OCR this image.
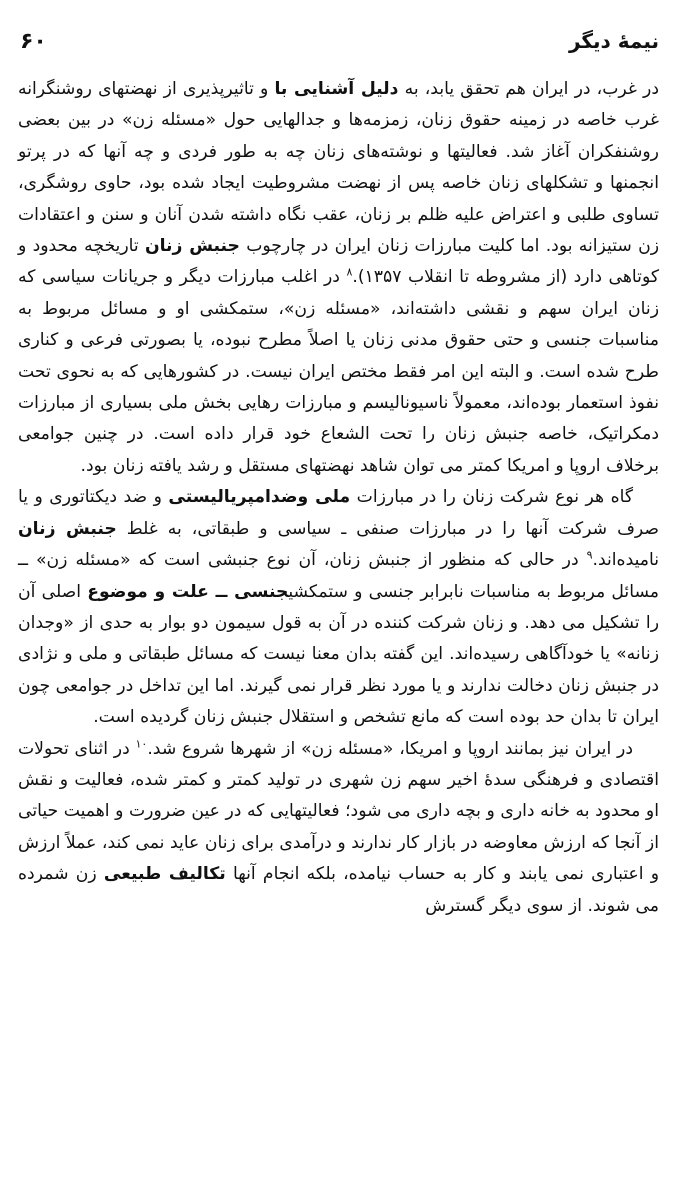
نیمهٔ دیگر
۶۰

در غرب، در ایران هم تحقق یابد، به دلیل آشنایی با و تاثیرپذیری از نهضتهای روشنگرانه غرب خاصه در زمینه حقوق زنان، زمزمه‌ها و جدالهایی حول «مسئله زن» در بین بعضی روشنفکران آغاز شد. فعالیتها و نوشته‌های زنان چه به طور فردی و چه آنها که در پرتو انجمنها و تشکلهای زنان خاصه پس از نهضت مشروطیت ایجاد شده بود، حاوی روشگری، تساوی طلبی و اعتراض علیه ظلم بر زنان، عقب نگاه داشته شدن آنان و سنن و اعتقادات زن ستیزانه بود. اما کلیت مبارزات زنان ایران در چارچوب جنبش زنان تاریخچه محدود و کوتاهی دارد (از مشروطه تا انقلاب ۱۳۵۷).$^۸$ در اغلب مبارزات دیگر و جریانات سیاسی که زنان ایران سهم و نقشی داشته‌اند، «مسئله زن»، ستمکشی او و مسائل مربوط به مناسبات جنسی و حتی حقوق مدنی زنان یا اصلاً مطرح نبوده، یا بصورتی فرعی و کناری طرح شده است. و البته این امر فقط مختص ایران نیست. در کشورهایی که به نحوی تحت نفوذ استعمار بوده‌اند، معمولاً ناسیونالیسم و مبارزات رهایی بخش ملی بسیاری از مبارزات دمکراتیک، خاصه جنبش زنان را تحت الشعاع خود قرار داده است. در چنین جوامعی برخلاف اروپا و امریکا کمتر می توان شاهد نهضتهای مستقل و رشد یافته زنان بود.

گاه هر نوع شرکت زنان را در مبارزات ملی وضدامپریالیستی و ضد دیکتاتوری و یا صرف شرکت آنها را در مبارزات صنفی ـ سیاسی و طبقاتی، به غلط جنبش زنان نامیده‌اند.$^۹$ در حالی که منظور از جنبش زنان، آن نوع جنبشی است که «مسئله زن» ــ مسائل مربوط به مناسبات نابرابر جنسی و ستمکشیجنسی ــ علت و موضوع اصلی آن را تشکیل می دهد. و زنان شرکت کننده در آن به قول سیمون دو بوار به حدی از «وجدان زنانه» یا خودآگاهی رسیده‌اند. این گفته بدان معنا نیست که مسائل طبقاتی و ملی و نژادی در جنبش زنان دخالت ندارند و یا مورد نظر قرار نمی گیرند. اما این تداخل در جوامعی چون ایران تا بدان حد بوده است که مانع تشخص و استقلال جنبش زنان گردیده است.

در ایران نیز بمانند اروپا و امریکا، «مسئله زن» از شهرها شروع شد.$^{۱۰}$ در اثنای تحولات اقتصادی و فرهنگی سدهٔ اخیر سهم زن شهری در تولید کمتر و کمتر شده، فعالیت و نقش او محدود به خانه داری و بچه داری می شود؛ فعالیتهایی که در عین ضرورت و اهمیت حیاتی از آنجا که ارزش معاوضه در بازار کار ندارند و درآمدی برای زنان عاید نمی کند، عملاً ارزش و اعتباری نمی یابند و کار به حساب نیامده، بلکه انجام آنها تکالیف طبیعی زن شمرده می شوند. از سوی دیگر گسترش
